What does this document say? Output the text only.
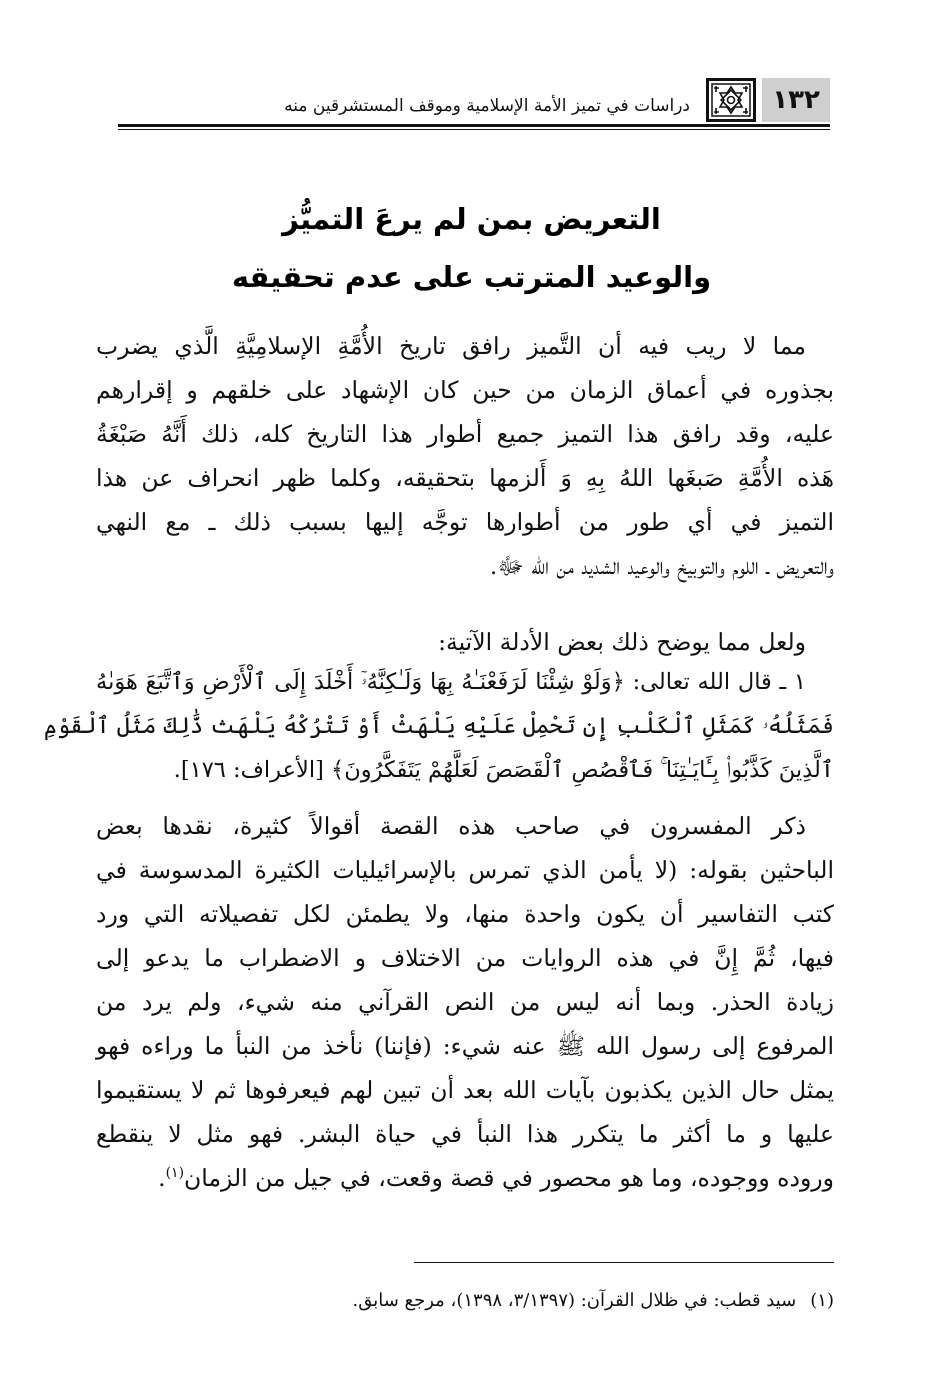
١٣٢
دراسات في تميز الأمة الإسلامية وموقف المستشرقين منه
التعريض بمن لم يرعَ التميُّز
والوعيد المترتب على عدم تحقيقه
مما لا ريب فيه أن التَّميز رافق تاريخ الأُمَّةِ الإسلامِيَّةِ الَّذي يضرب
بجذوره في أعماق الزمان من حين كان الإشهاد على خلقهم و إقرارهم
عليه، وقد رافق هذا التميز جميع أطوار هذا التاريخ كله، ذلك أَنَّهُ صَبْغَةُ
هَذه الأُمَّةِ صَبغَها اللهُ بِهِ وَ أَلزمها بتحقيقه، وكلما ظهر انحراف عن هذا
التميز في أي طور من أطوارها توجَّه إليها بسبب ذلك ـ مع النهي
والتعريض ـ اللوم والتوبيخ والوعيد الشديد من الله ﷻ.
ولعل مما يوضح ذلك بعض الأدلة الآتية:
١ ـ قال الله تعالى: ﴿وَلَوْ شِئْنَا لَرَفَعْنَـٰهُ بِهَا وَلَـٰكِنَّهُۥٓ أَخْلَدَ إِلَى ٱلْأَرْضِ وَٱتَّبَعَ هَوَىٰهُ
فَمَثَلُهُۥ كَمَثَلِ ٱلْكَلْبِ إِن تَحْمِلْ عَلَيْهِ يَلْهَثْ أَوْ تَتْرُكْهُ يَلْهَث ذَّٰلِكَ مَثَلُ ٱلْقَوْمِ
ٱلَّذِينَ كَذَّبُوا۟ بِـَٔايَـٰتِنَا ۚ فَٱقْصُصِ ٱلْقَصَصَ لَعَلَّهُمْ يَتَفَكَّرُونَ﴾ [الأعراف: ١٧٦].
ذكر المفسرون في صاحب هذه القصة أقوالاً كثيرة، نقدها بعض
الباحثين بقوله: (لا يأمن الذي تمرس بالإسرائيليات الكثيرة المدسوسة في
كتب التفاسير أن يكون واحدة منها، ولا يطمئن لكل تفصيلاته التي ورد
فيها، ثُمَّ إِنَّ في هذه الروايات من الاختلاف و الاضطراب ما يدعو إلى
زيادة الحذر. وبما أنه ليس من النص القرآني منه شيء، ولم يرد من
المرفوع إلى رسول الله ﷺ عنه شيء: (فإننا) نأخذ من النبأ ما وراءه فهو
يمثل حال الذين يكذبون بآيات الله بعد أن تبين لهم فيعرفوها ثم لا يستقيموا
عليها و ما أكثر ما يتكرر هذا النبأ في حياة البشر. فهو مثل لا ينقطع
وروده ووجوده، وما هو محصور في قصة وقعت، في جيل من الزمان$^{(١)}$.
(١)سيد قطب: في ظلال القرآن: (٣/١٣٩٧، ١٣٩٨)، مرجع سابق.
